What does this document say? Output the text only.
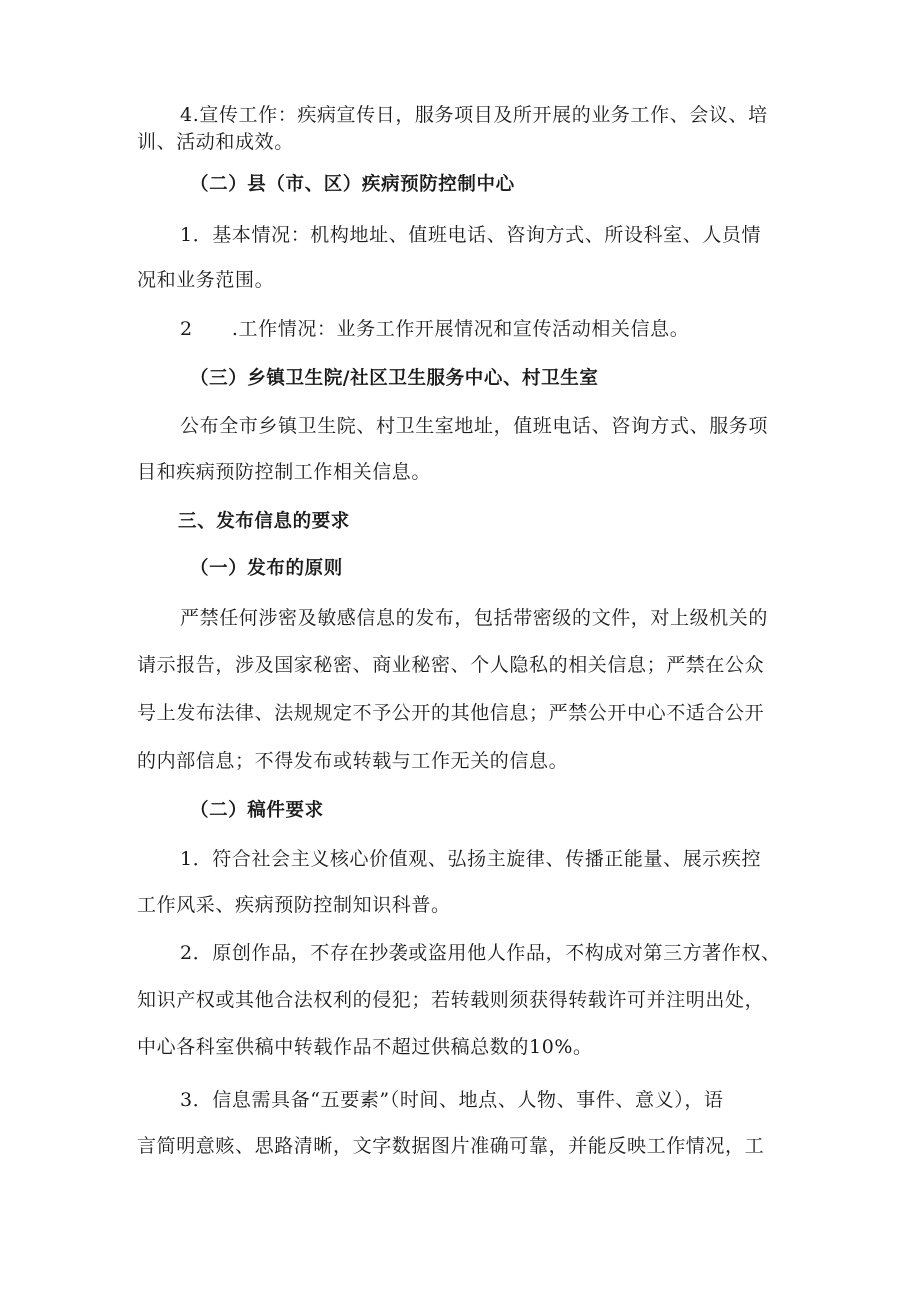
4.宣传工作：疾病宣传日，服务项目及所开展的业务工作、会议、培
训、活动和成效。
（二）县（市、区）疾病预防控制中心
1．基本情况：机构地址、值班电话、咨询方式、所设科室、人员情
况和业务范围。
2　　.工作情况：业务工作开展情况和宣传活动相关信息。
（三）乡镇卫生院/社区卫生服务中心、村卫生室
公布全市乡镇卫生院、村卫生室地址，值班电话、咨询方式、服务项
目和疾病预防控制工作相关信息。
三、发布信息的要求
（一）发布的原则
严禁任何涉密及敏感信息的发布，包括带密级的文件，对上级机关的
请示报告，涉及国家秘密、商业秘密、个人隐私的相关信息；严禁在公众
号上发布法律、法规规定不予公开的其他信息；严禁公开中心不适合公开
的内部信息；不得发布或转载与工作无关的信息。
（二）稿件要求
1．符合社会主义核心价值观、弘扬主旋律、传播正能量、展示疾控
工作风采、疾病预防控制知识科普。
2．原创作品，不存在抄袭或盗用他人作品，不构成对第三方著作权、
知识产权或其他合法权利的侵犯；若转载则须获得转载许可并注明出处，
中心各科室供稿中转载作品不超过供稿总数的10%。
3．信息需具备“五要素”（时间、地点、人物、事件、意义），语
言简明意赅、思路清晰，文字数据图片准确可靠，并能反映工作情况，工
